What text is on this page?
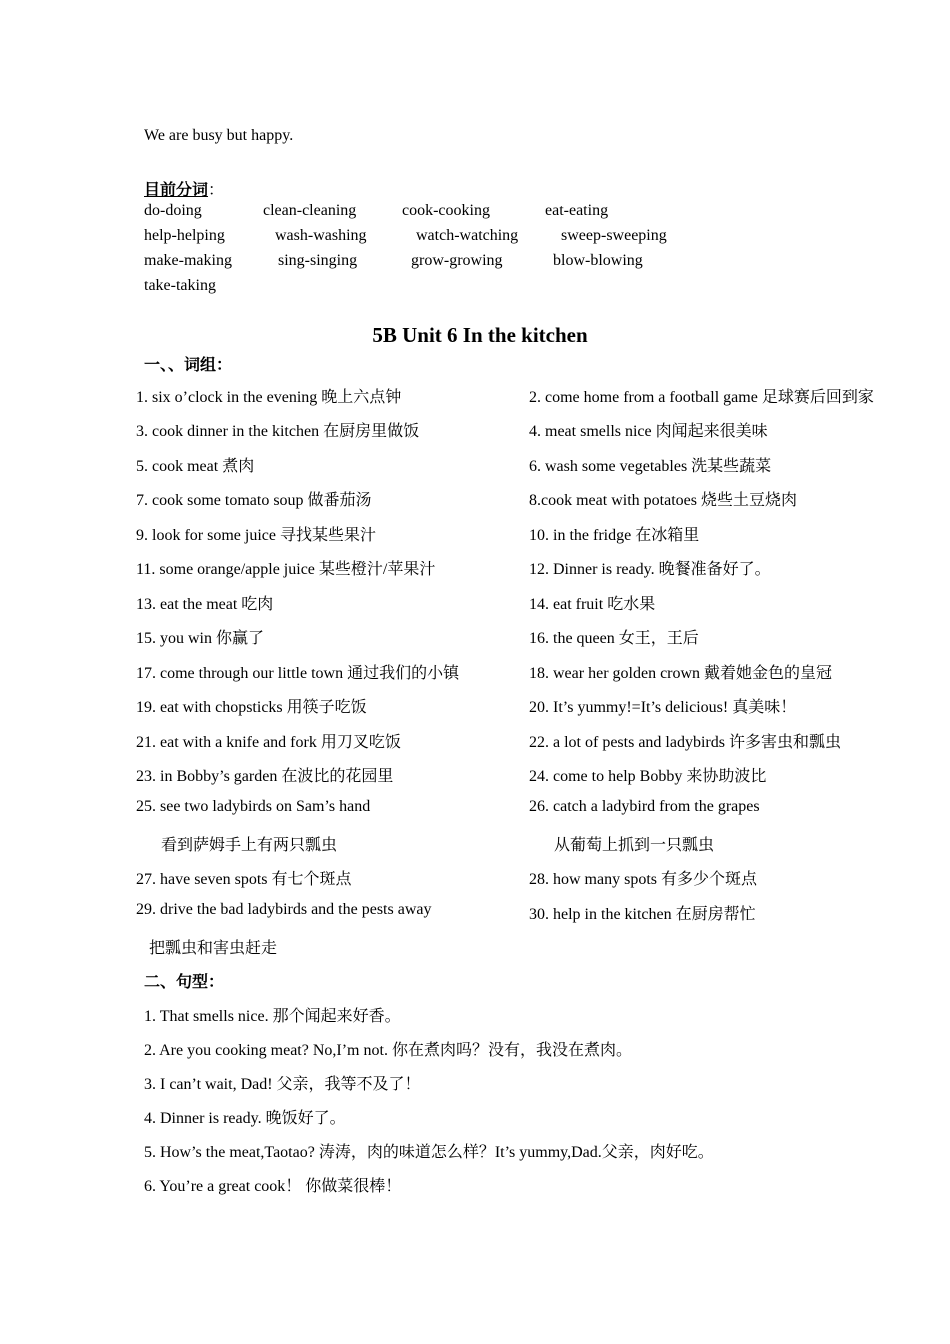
We are busy but happy.
目前分词：
do-doing	clean-cleaning	cook-cooking	eat-eating
help-helping	wash-washing	watch-watching	sweep-sweeping
make-making	sing-singing	grow-growing	blow-blowing
take-taking
5B Unit 6 In the kitchen
一、、词组：
1. six o’clock in the evening 晚上六点钟	2. come home from a football game 足球赛后回到家
3. cook dinner in the kitchen 在厨房里做饭	4. meat smells nice 肉闻起来很美味
5. cook meat 煮肉	6. wash some vegetables 洗某些蔬菜
7. cook some tomato soup 做番茄汤	8.cook meat with potatoes 烧些土豆烧肉
9. look for some juice 寻找某些果汁	10. in the fridge 在冰箱里
11. some orange/apple juice 某些橙汁/苹果汁	12. Dinner is ready. 晚餐准备好了。
13. eat the meat 吃肉	14. eat fruit 吃水果
15. you win 你赢了	16. the queen 女王，王后
17. come through our little town 通过我们的小镇	18. wear her golden crown 戴着她金色的皇冠
19. eat with chopsticks 用筷子吃饭	20. It’s yummy!=It’s delicious! 真美味！
21. eat with a knife and fork 用刀叉吃饭	22. a lot of pests and ladybirds 许多害虫和瓢虫
23. in Bobby’s garden 在波比的花园里	24. come to help Bobby 来协助波比
25. see two ladybirds on Sam’s hand	26. catch a ladybird from the grapes
看到萨姆手上有两只瓢虫	从葡萄上抓到一只瓢虫
27. have seven spots 有七个斑点	28. how many spots 有多少个斑点
29. drive the bad ladybirds and the pests away	30. help in the kitchen 在厨房帮忙
把瓢虫和害虫赶走
二、句型：
1. That smells nice. 那个闻起来好香。
2. Are you cooking meat? No,I’m not. 你在煮肉吗？没有，我没在煮肉。
3. I can’t wait, Dad! 父亲，我等不及了！
4. Dinner is ready. 晚饭好了。
5. How’s the meat,Taotao? 涛涛，肉的味道怎么样？It’s yummy,Dad.父亲，肉好吃。
6. You’re a great cook！ 你做菜很棒！
